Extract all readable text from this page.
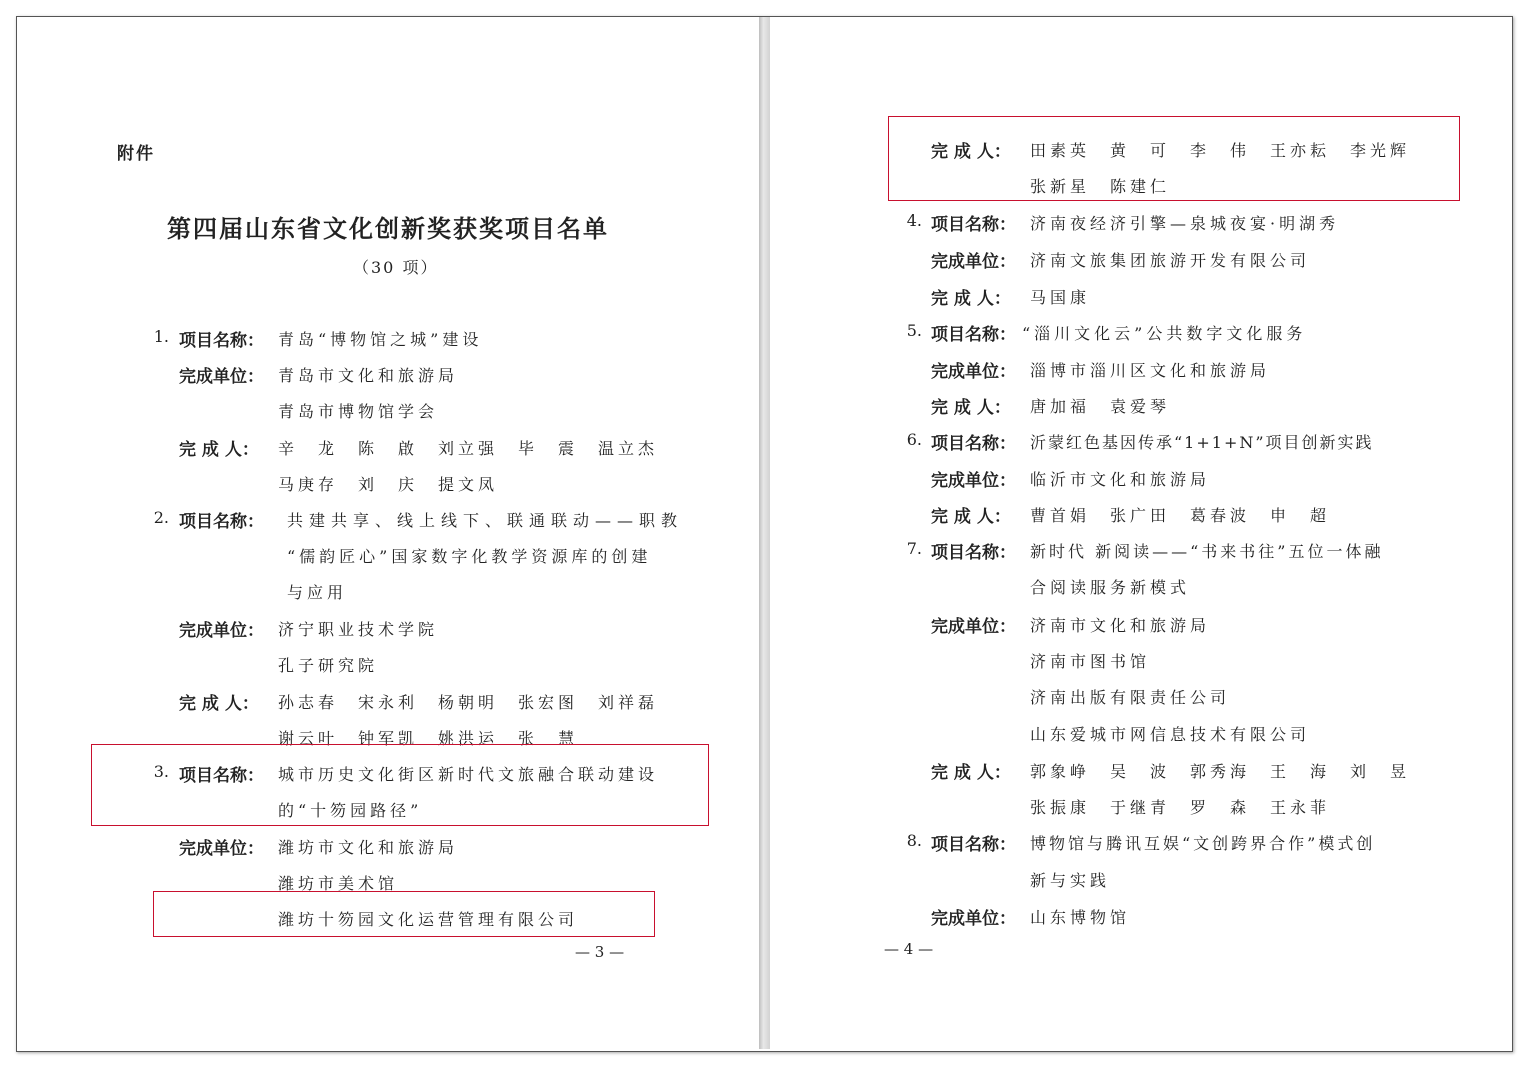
附件
第四届山东省文化创新奖获奖项目名单
（30 项）
1. 项目名称： 青岛“博物馆之城”建设
完成单位： 青岛市文化和旅游局
青岛市博物馆学会
完 成 人： 辛　龙　陈　啟　刘立强　毕　震　温立杰
马庚存　刘　庆　提文凤
2. 项目名称： 共建共享、线上线下、联通联动——职教
“儒韵匠心”国家数字化教学资源库的创建
与应用
完成单位： 济宁职业技术学院
孔子研究院
完 成 人： 孙志春　宋永利　杨朝明　张宏图　刘祥磊
谢云叶　钟军凯　姚洪运　张　慧
3. 项目名称： 城市历史文化街区新时代文旅融合联动建设
的“十笏园路径”
完成单位： 潍坊市文化和旅游局
潍坊市美术馆
潍坊十笏园文化运营管理有限公司
— 3 —
完 成 人： 田素英　黄　可　李　伟　王亦耘　李光辉
张新星　陈建仁
4. 项目名称： 济南夜经济引擎—泉城夜宴·明湖秀
完成单位： 济南文旅集团旅游开发有限公司
完 成 人： 马国康
5. 项目名称： “淄川文化云”公共数字文化服务
完成单位： 淄博市淄川区文化和旅游局
完 成 人： 唐加福　袁爱琴
6. 项目名称： 沂蒙红色基因传承“1+1+N”项目创新实践
完成单位： 临沂市文化和旅游局
完 成 人： 曹首娟　张广田　葛春波　申　超
7. 项目名称： 新时代 新阅读——“书来书往”五位一体融
合阅读服务新模式
完成单位： 济南市文化和旅游局
济南市图书馆
济南出版有限责任公司
山东爱城市网信息技术有限公司
完 成 人： 郭象峥　吴　波　郭秀海　王　海　刘　昱
张振康　于继青　罗　森　王永菲
8. 项目名称： 博物馆与腾讯互娱“文创跨界合作”模式创
新与实践
完成单位： 山东博物馆
— 4 —
